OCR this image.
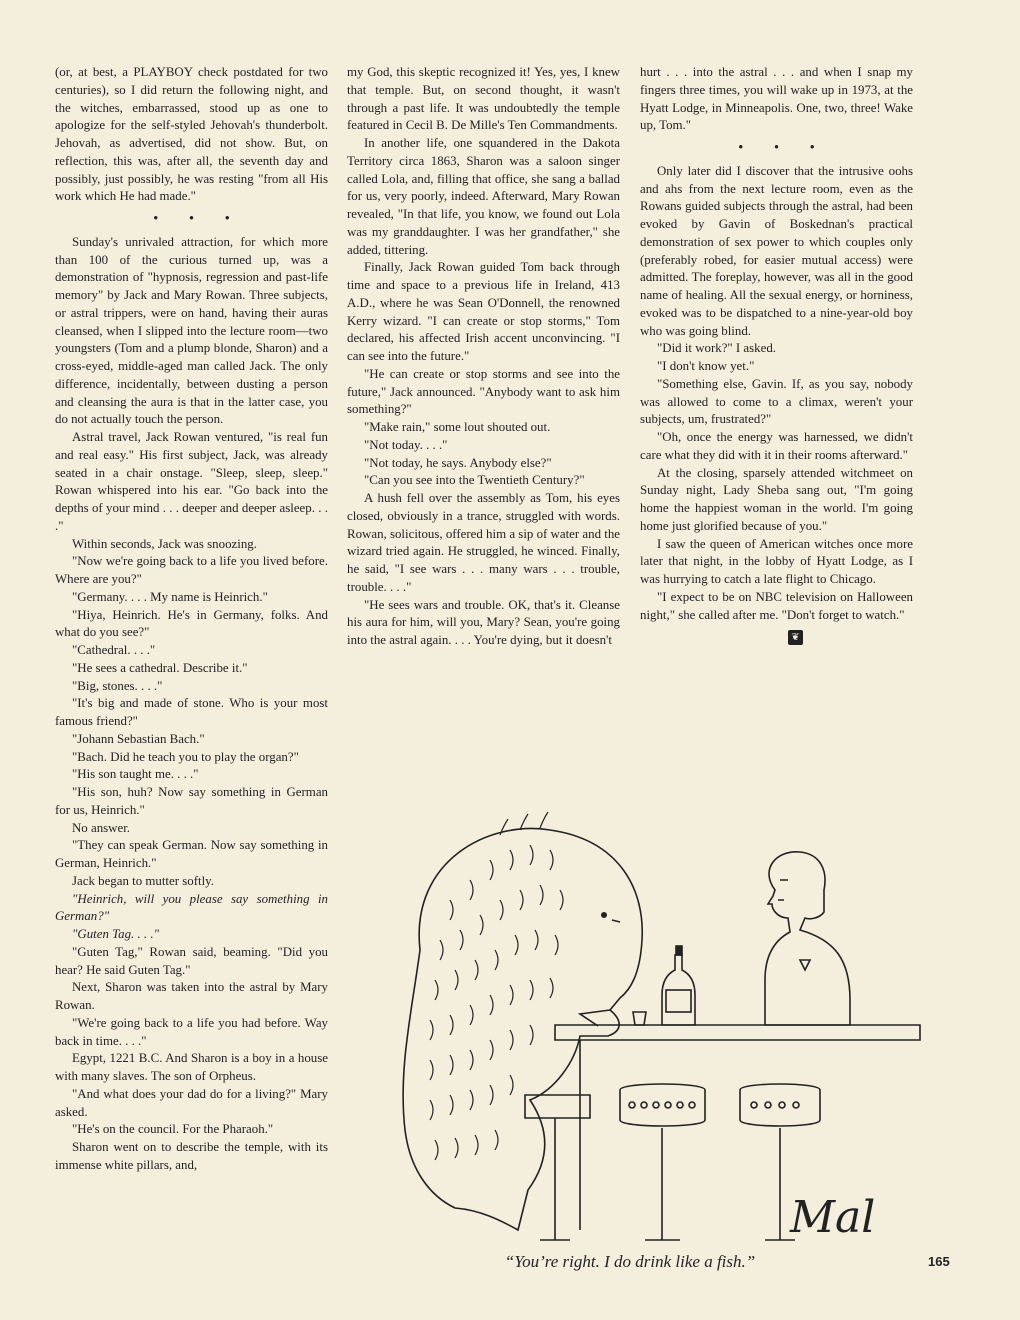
(or, at best, a PLAYBOY check postdated for two centuries), so I did return the following night, and the witches, embarrassed, stood up as one to apologize for the self-styled Jehovah's thunderbolt. Jehovah, as advertised, did not show. But, on reflection, this was, after all, the seventh day and possibly, just possibly, he was resting "from all His work which He had made."

• • •

Sunday's unrivaled attraction, for which more than 100 of the curious turned up, was a demonstration of "hypnosis, regression and past-life memory" by Jack and Mary Rowan. Three subjects, or astral trippers, were on hand, having their auras cleansed, when I slipped into the lecture room—two youngsters (Tom and a plump blonde, Sharon) and a cross-eyed, middle-aged man called Jack. The only difference, incidentally, between dusting a person and cleansing the aura is that in the latter case, you do not actually touch the person.

Astral travel, Jack Rowan ventured, "is real fun and real easy." His first subject, Jack, was already seated in a chair onstage. "Sleep, sleep, sleep." Rowan whispered into his ear. "Go back into the depths of your mind . . . deeper and deeper asleep. . . ."

Within seconds, Jack was snoozing.

"Now we're going back to a life you lived before. Where are you?"

"Germany. . . . My name is Heinrich."

"Hiya, Heinrich. He's in Germany, folks. And what do you see?"

"Cathedral. . . ."

"He sees a cathedral. Describe it."

"Big, stones. . . ."

"It's big and made of stone. Who is your most famous friend?"

"Johann Sebastian Bach."

"Bach. Did he teach you to play the organ?"

"His son taught me. . . ."

"His son, huh? Now say something in German for us, Heinrich."

No answer.

"They can speak German. Now say something in German, Heinrich."

Jack began to mutter softly.

"Heinrich, will you please say something in German?"

"Guten Tag. . . ."

"Guten Tag," Rowan said, beaming. "Did you hear? He said Guten Tag."

Next, Sharon was taken into the astral by Mary Rowan.

"We're going back to a life you had before. Way back in time. . . ."

Egypt, 1221 B.C. And Sharon is a boy in a house with many slaves. The son of Orpheus.

"And what does your dad do for a living?" Mary asked.

"He's on the council. For the Pharaoh."

Sharon went on to describe the temple, with its immense white pillars, and,

my God, this skeptic recognized it! Yes, yes, I knew that temple. But, on second thought, it wasn't through a past life. It was undoubtedly the temple featured in Cecil B. De Mille's Ten Commandments.

In another life, one squandered in the Dakota Territory circa 1863, Sharon was a saloon singer called Lola, and, filling that office, she sang a ballad for us, very poorly, indeed. Afterward, Mary Rowan revealed, "In that life, you know, we found out Lola was my granddaughter. I was her grandfather," she added, tittering.

Finally, Jack Rowan guided Tom back through time and space to a previous life in Ireland, 413 A.D., where he was Sean O'Donnell, the renowned Kerry wizard. "I can create or stop storms," Tom declared, his affected Irish accent unconvincing. "I can see into the future."

"He can create or stop storms and see into the future," Jack announced. "Anybody want to ask him something?"

"Make rain," some lout shouted out.

"Not today. . . ."

"Not today, he says. Anybody else?"

"Can you see into the Twentieth Century?"

A hush fell over the assembly as Tom, his eyes closed, obviously in a trance, struggled with words. Rowan, solicitous, offered him a sip of water and the wizard tried again. He struggled, he winced. Finally, he said, "I see wars . . . many wars . . . trouble, trouble. . . ."

"He sees wars and trouble. OK, that's it. Cleanse his aura for him, will you, Mary? Sean, you're going into the astral again. . . . You're dying, but it doesn't

hurt . . . into the astral . . . and when I snap my fingers three times, you will wake up in 1973, at the Hyatt Lodge, in Minneapolis. One, two, three! Wake up, Tom."

• • •

Only later did I discover that the intrusive oohs and ahs from the next lecture room, even as the Rowans guided subjects through the astral, had been evoked by Gavin of Boskednan's practical demonstration of sex power to which couples only (preferably robed, for easier mutual access) were admitted. The foreplay, however, was all in the good name of healing. All the sexual energy, or horniness, evoked was to be dispatched to a nine-year-old boy who was going blind.

"Did it work?" I asked.

"I don't know yet."

"Something else, Gavin. If, as you say, nobody was allowed to come to a climax, weren't your subjects, um, frustrated?"

"Oh, once the energy was harnessed, we didn't care what they did with it in their rooms afterward."

At the closing, sparsely attended witchmeet on Sunday night, Lady Sheba sang out, "I'm going home the happiest woman in the world. I'm going home just glorified because of you."

I saw the queen of American witches once more later that night, in the lobby of Hyatt Lodge, as I was hurrying to catch a late flight to Chicago.

"I expect to be on NBC television on Halloween night," she called after me. "Don't forget to watch."

❦
Mal
“You’re right. I do drink like a fish.”	165
